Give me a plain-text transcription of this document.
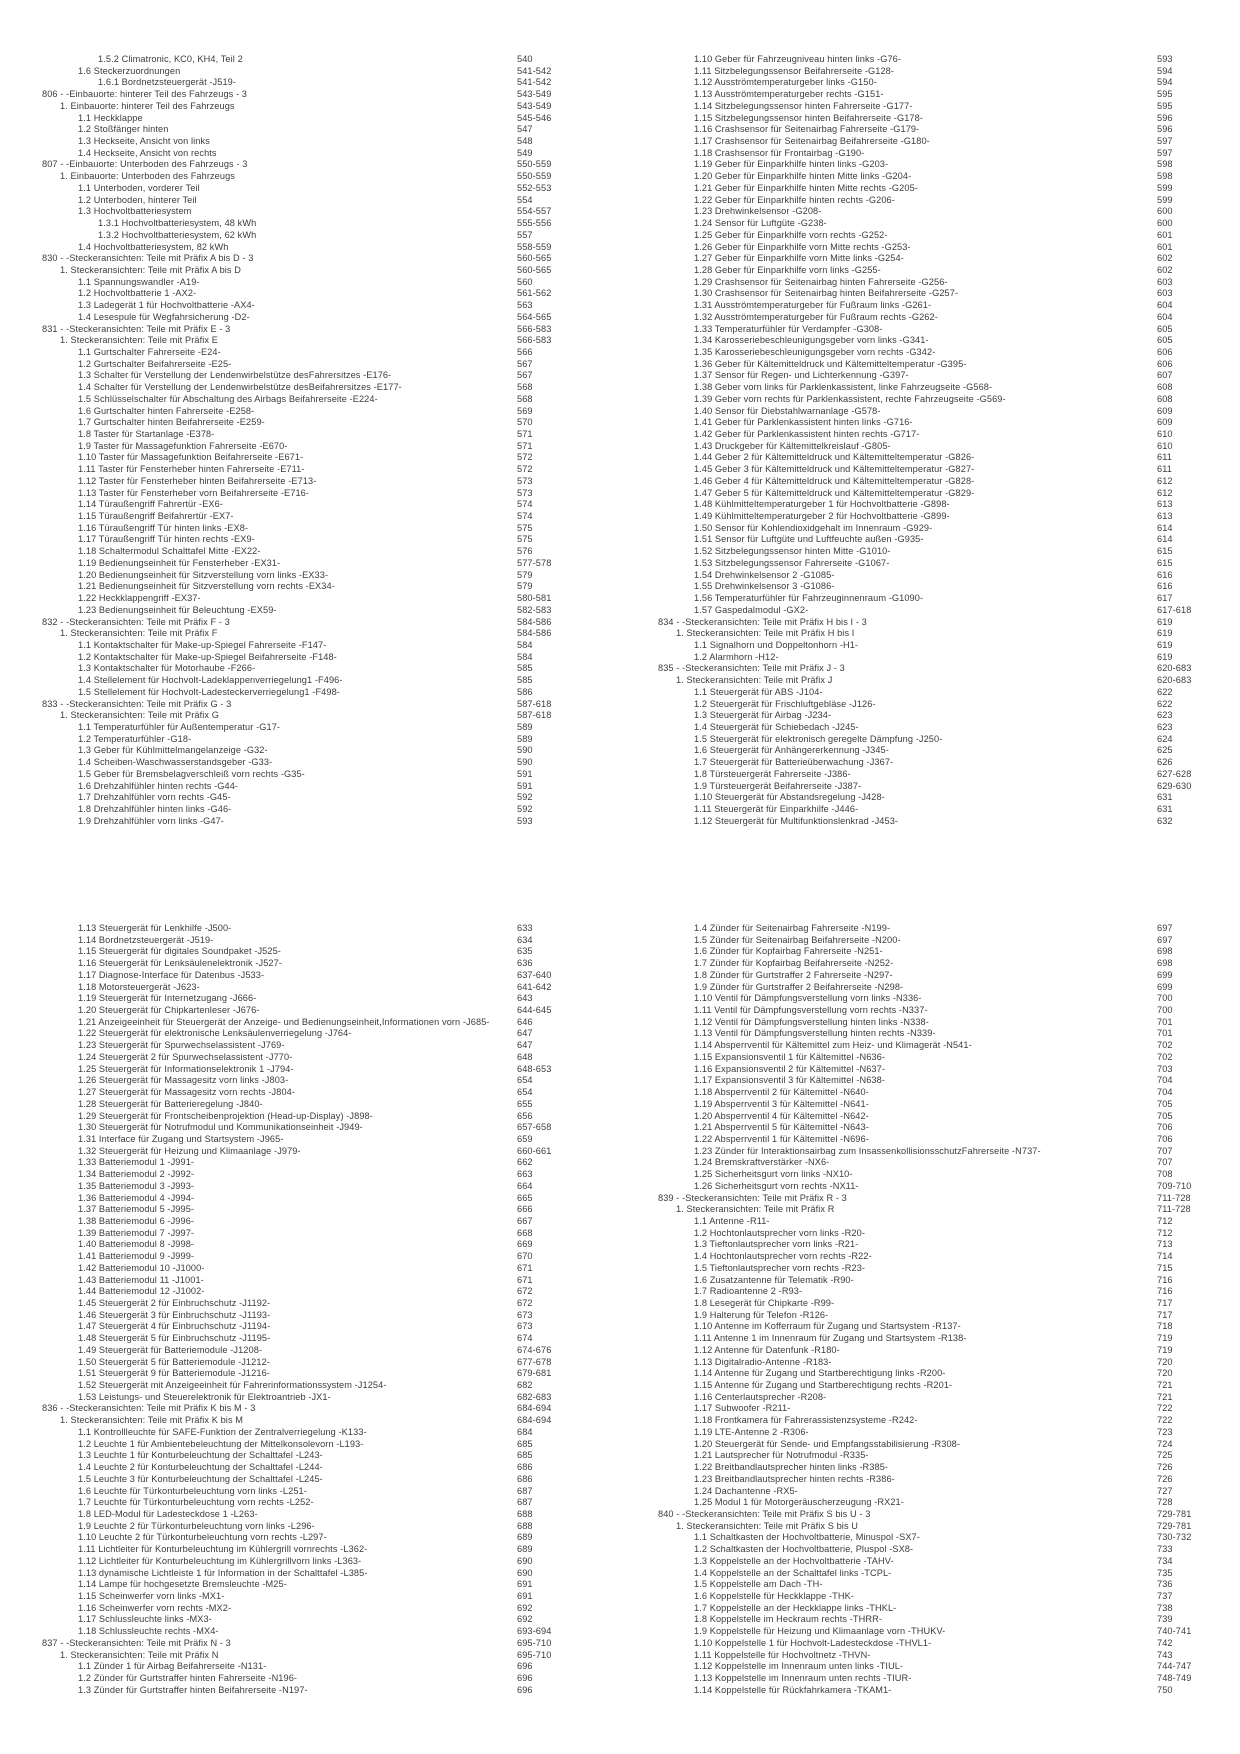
1.5.2 Climatronic, KC0, KH4, Teil 2	540
1.6 Steckerzuordnungen	541-542
1.6.1 Bordnetzsteuergerät -J519-	541-542
806 - -Einbauorte: hinterer Teil des Fahrzeugs - 3	543-549
1. Einbauorte: hinterer Teil des Fahrzeugs	543-549
1.1 Heckklappe	545-546
1.2 Stoßfänger hinten	547
1.3 Heckseite, Ansicht von links	548
1.4 Heckseite, Ansicht von rechts	549
807 - -Einbauorte: Unterboden des Fahrzeugs - 3	550-559
1. Einbauorte: Unterboden des Fahrzeugs	550-559
1.1 Unterboden, vorderer Teil	552-553
1.2 Unterboden, hinterer Teil	554
1.3 Hochvoltbatteriesystem	554-557
1.3.1 Hochvoltbatteriesystem, 48 kWh	555-556
1.3.2 Hochvoltbatteriesystem, 62 kWh	557
1.4 Hochvoltbatteriesystem, 82 kWh	558-559
830 - -Steckeransichten: Teile mit Präfix A bis D - 3	560-565
1. Steckeransichten: Teile mit Präfix A bis D	560-565
1.1 Spannungswandler -A19-	560
1.2 Hochvoltbatterie 1 -AX2-	561-562
1.3 Ladegerät 1 für Hochvoltbatterie -AX4-	563
1.4 Lesespule für Wegfahrsicherung -D2-	564-565
831 - -Steckeransichten: Teile mit Präfix E - 3	566-583
1. Steckeransichten: Teile mit Präfix E	566-583
1.1 Gurtschalter Fahrerseite -E24-	566
1.2 Gurtschalter Beifahrerseite -E25-	567
1.3 Schalter für Verstellung der Lendenwirbelstütze desFahrersitzes -E176-	567
1.4 Schalter für Verstellung der Lendenwirbelstütze desBeifahrersitzes -E177-	568
1.5 Schlüsselschalter für Abschaltung des Airbags Beifahrerseite -E224-	568
1.6 Gurtschalter hinten Fahrerseite -E258-	569
1.7 Gurtschalter hinten Beifahrerseite -E259-	570
1.8 Taster für Startanlage -E378-	571
1.9 Taster für Massagefunktion Fahrerseite -E670-	571
1.10 Taster für Massagefunktion Beifahrerseite -E671-	572
1.11 Taster für Fensterheber hinten Fahrerseite -E711-	572
1.12 Taster für Fensterheber hinten Beifahrerseite -E713-	573
1.13 Taster für Fensterheber vorn Beifahrerseite -E716-	573
1.14 Türaußengriff Fahrertür -EX6-	574
1.15 Türaußengriff Beifahrertür -EX7-	574
1.16 Türaußengriff Tür hinten links -EX8-	575
1.17 Türaußengriff Tür hinten rechts -EX9-	575
1.18 Schaltermodul Schalttafel Mitte -EX22-	576
1.19 Bedienungseinheit für Fensterheber -EX31-	577-578
1.20 Bedienungseinheit für Sitzverstellung vorn links -EX33-	579
1.21 Bedienungseinheit für Sitzverstellung vorn rechts -EX34-	579
1.22 Heckklappengriff -EX37-	580-581
1.23 Bedienungseinheit für Beleuchtung -EX59-	582-583
832 - -Steckeransichten: Teile mit Präfix F - 3	584-586
1. Steckeransichten: Teile mit Präfix F	584-586
1.1 Kontaktschalter für Make-up-Spiegel Fahrerseite -F147-	584
1.2 Kontaktschalter für Make-up-Spiegel Beifahrerseite -F148-	584
1.3 Kontaktschalter für Motorhaube -F266-	585
1.4 Stellelement für Hochvolt-Ladeklappenverriegelung1 -F496-	585
1.5 Stellelement für Hochvolt-Ladesteckerverriegelung1 -F498-	586
833 - -Steckeransichten: Teile mit Präfix G - 3	587-618
1. Steckeransichten: Teile mit Präfix G	587-618
1.1 Temperaturfühler für Außentemperatur -G17-	589
1.2 Temperaturfühler -G18-	589
1.3 Geber für Kühlmittelmangelanzeige -G32-	590
1.4 Scheiben-Waschwasserstandsgeber -G33-	590
1.5 Geber für Bremsbelagverschleiß vorn rechts -G35-	591
1.6 Drehzahlfühler hinten rechts -G44-	591
1.7 Drehzahlfühler vorn rechts -G45-	592
1.8 Drehzahlfühler hinten links -G46-	592
1.9 Drehzahlfühler vorn links -G47-	593
1.10 Geber für Fahrzeugniveau hinten links -G76-	593
1.11 Sitzbelegungssensor Beifahrerseite -G128-	594
1.12 Ausströmtemperaturgeber links -G150-	594
1.13 Ausströmtemperaturgeber rechts -G151-	595
1.14 Sitzbelegungssensor hinten Fahrerseite -G177-	595
1.15 Sitzbelegungssensor hinten Beifahrerseite -G178-	596
1.16 Crashsensor für Seitenairbag Fahrerseite -G179-	596
1.17 Crashsensor für Seitenairbag Beifahrerseite -G180-	597
1.18 Crashsensor für Frontairbag -G190-	597
1.19 Geber für Einparkhilfe hinten links -G203-	598
1.20 Geber für Einparkhilfe hinten Mitte links -G204-	598
1.21 Geber für Einparkhilfe hinten Mitte rechts -G205-	599
1.22 Geber für Einparkhilfe hinten rechts -G206-	599
1.23 Drehwinkelsensor -G208-	600
1.24 Sensor für Luftgüte -G238-	600
1.25 Geber für Einparkhilfe vorn rechts -G252-	601
1.26 Geber für Einparkhilfe vorn Mitte rechts -G253-	601
1.27 Geber für Einparkhilfe vorn Mitte links -G254-	602
1.28 Geber für Einparkhilfe vorn links -G255-	602
1.29 Crashsensor für Seitenairbag hinten Fahrerseite -G256-	603
1.30 Crashsensor für Seitenairbag hinten Beifahrerseite -G257-	603
1.31 Ausströmtemperaturgeber für Fußraum links -G261-	604
1.32 Ausströmtemperaturgeber für Fußraum rechts -G262-	604
1.33 Temperaturfühler für Verdampfer -G308-	605
1.34 Karosseriebeschleunigungsgeber vorn links -G341-	605
1.35 Karosseriebeschleunigungsgeber vorn rechts -G342-	606
1.36 Geber für Kältemitteldruck und Kältemitteltemperatur -G395-	606
1.37 Sensor für Regen- und Lichterkennung -G397-	607
1.38 Geber vorn links für Parklenkassistent, linke Fahrzeugseite -G568-	608
1.39 Geber vorn rechts für Parklenkassistent, rechte Fahrzeugseite -G569-	608
1.40 Sensor für Diebstahlwarnanlage -G578-	609
1.41 Geber für Parklenkassistent hinten links -G716-	609
1.42 Geber für Parklenkassistent hinten rechts -G717-	610
1.43 Druckgeber für Kältemittelkreislauf -G805-	610
1.44 Geber 2 für Kältemitteldruck und Kältemitteltemperatur -G826-	611
1.45 Geber 3 für Kältemitteldruck und Kältemitteltemperatur -G827-	611
1.46 Geber 4 für Kältemitteldruck und Kältemitteltemperatur -G828-	612
1.47 Geber 5 für Kältemitteldruck und Kältemitteltemperatur -G829-	612
1.48 Kühlmitteltemperaturgeber 1 für Hochvoltbatterie -G898-	613
1.49 Kühlmitteltemperaturgeber 2 für Hochvoltbatterie -G899-	613
1.50 Sensor für Kohlendioxidgehalt im Innenraum -G929-	614
1.51 Sensor für Luftgüte und Luftfeuchte außen -G935-	614
1.52 Sitzbelegungssensor hinten Mitte -G1010-	615
1.53 Sitzbelegungssensor Fahrerseite -G1067-	615
1.54 Drehwinkelsensor 2 -G1085-	616
1.55 Drehwinkelsensor 3 -G1086-	616
1.56 Temperaturfühler für Fahrzeuginnenraum -G1090-	617
1.57 Gaspedalmodul -GX2-	617-618
834 - -Steckeransichten: Teile mit Präfix H bis I - 3	619
1. Steckeransichten: Teile mit Präfix H bis I	619
1.1 Signalhorn und Doppeltonhorn -H1-	619
1.2 Alarmhorn -H12-	619
835 - -Steckeransichten: Teile mit Präfix J - 3	620-683
1. Steckeransichten: Teile mit Präfix J	620-683
1.1 Steuergerät für ABS -J104-	622
1.2 Steuergerät für Frischluftgebläse -J126-	622
1.3 Steuergerät für Airbag -J234-	623
1.4 Steuergerät für Schiebedach -J245-	623
1.5 Steuergerät für elektronisch geregelte Dämpfung -J250-	624
1.6 Steuergerät für Anhängererkennung -J345-	625
1.7 Steuergerät für Batterieüberwachung -J367-	626
1.8 Türsteuergerät Fahrerseite -J386-	627-628
1.9 Türsteuergerät Beifahrerseite -J387-	629-630
1.10 Steuergerät für Abstandsregelung -J428-	631
1.11 Steuergerät für Einparkhilfe -J446-	631
1.12 Steuergerät für Multifunktionslenkrad -J453-	632
1.13 Steuergerät für Lenkhilfe -J500-	633
1.14 Bordnetzsteuergerät -J519-	634
1.15 Steuergerät für digitales Soundpaket -J525-	635
1.16 Steuergerät für Lenksäulenelektronik -J527-	636
1.17 Diagnose-Interface für Datenbus -J533-	637-640
1.18 Motorsteuergerät -J623-	641-642
1.19 Steuergerät für Internetzugang -J666-	643
1.20 Steuergerät für Chipkartenleser -J676-	644-645
1.21 Anzeigeeinheit für Steuergerät der Anzeige- und Bedienungseinheit,Informationen vorn -J685-	646
1.22 Steuergerät für elektronische Lenksäulenverriegelung -J764-	647
1.23 Steuergerät für Spurwechselassistent -J769-	647
1.24 Steuergerät 2 für Spurwechselassistent -J770-	648
1.25 Steuergerät für Informationselektronik 1 -J794-	648-653
1.26 Steuergerät für Massagesitz vorn links -J803-	654
1.27 Steuergerät für Massagesitz vorn rechts -J804-	654
1.28 Steuergerät für Batterieregelung -J840-	655
1.29 Steuergerät für Frontscheibenprojektion (Head-up-Display) -J898-	656
1.30 Steuergerät für Notrufmodul und Kommunikationseinheit -J949-	657-658
1.31 Interface für Zugang und Startsystem -J965-	659
1.32 Steuergerät für Heizung und Klimaanlage -J979-	660-661
1.33 Batteriemodul 1 -J991-	662
1.34 Batteriemodul 2 -J992-	663
1.35 Batteriemodul 3 -J993-	664
1.36 Batteriemodul 4 -J994-	665
1.37 Batteriemodul 5 -J995-	666
1.38 Batteriemodul 6 -J996-	667
1.39 Batteriemodul 7 -J997-	668
1.40 Batteriemodul 8 -J998-	669
1.41 Batteriemodul 9 -J999-	670
1.42 Batteriemodul 10 -J1000-	671
1.43 Batteriemodul 11 -J1001-	671
1.44 Batteriemodul 12 -J1002-	672
1.45 Steuergerät 2 für Einbruchschutz -J1192-	672
1.46 Steuergerät 3 für Einbruchschutz -J1193-	673
1.47 Steuergerät 4 für Einbruchschutz -J1194-	673
1.48 Steuergerät 5 für Einbruchschutz -J1195-	674
1.49 Steuergerät für Batteriemodule -J1208-	674-676
1.50 Steuergerät 5 für Batteriemodule -J1212-	677-678
1.51 Steuergerät 9 für Batteriemodule -J1216-	679-681
1.52 Steuergerät mit Anzeigeeinheit für Fahrerinformationssystem -J1254-	682
1.53 Leistungs- und Steuerelektronik für Elektroantrieb -JX1-	682-683
836 - -Steckeransichten: Teile mit Präfix K bis M - 3	684-694
1. Steckeransichten: Teile mit Präfix K bis M	684-694
1.1 Kontrollleuchte für SAFE-Funktion der Zentralverriegelung -K133-	684
1.2 Leuchte 1 für Ambientebeleuchtung der Mittelkonsolevorn -L193-	685
1.3 Leuchte 1 für Konturbeleuchtung der Schalttafel -L243-	685
1.4 Leuchte 2 für Konturbeleuchtung der Schalttafel -L244-	686
1.5 Leuchte 3 für Konturbeleuchtung der Schalttafel -L245-	686
1.6 Leuchte für Türkonturbeleuchtung vorn links -L251-	687
1.7 Leuchte für Türkonturbeleuchtung vorn rechts -L252-	687
1.8 LED-Modul für Ladesteckdose 1 -L263-	688
1.9 Leuchte 2 für Türkonturbeleuchtung vorn links -L296-	688
1.10 Leuchte 2 für Türkonturbeleuchtung vorn rechts -L297-	689
1.11 Lichtleiter für Konturbeleuchtung im Kühlergrill vornrechts -L362-	689
1.12 Lichtleiter für Konturbeleuchtung im Kühlergrillvorn links -L363-	690
1.13 dynamische Lichtleiste 1 für Information in der Schalttafel -L385-	690
1.14 Lampe für hochgesetzte Bremsleuchte -M25-	691
1.15 Scheinwerfer vorn links -MX1-	691
1.16 Scheinwerfer vorn rechts -MX2-	692
1.17 Schlussleuchte links -MX3-	692
1.18 Schlussleuchte rechts -MX4-	693-694
837 - -Steckeransichten: Teile mit Präfix N - 3	695-710
1. Steckeransichten: Teile mit Präfix N	695-710
1.1 Zünder 1 für Airbag Beifahrerseite -N131-	696
1.2 Zünder für Gurtstraffer hinten Fahrerseite -N196-	696
1.3 Zünder für Gurtstraffer hinten Beifahrerseite -N197-	696
1.4 Zünder für Seitenairbag Fahrerseite -N199-	697
1.5 Zünder für Seitenairbag Beifahrerseite -N200-	697
1.6 Zünder für Kopfairbag Fahrerseite -N251-	698
1.7 Zünder für Kopfairbag Beifahrerseite -N252-	698
1.8 Zünder für Gurtstraffer 2 Fahrerseite -N297-	699
1.9 Zünder für Gurtstraffer 2 Beifahrerseite -N298-	699
1.10 Ventil für Dämpfungsverstellung vorn links -N336-	700
1.11 Ventil für Dämpfungsverstellung vorn rechts -N337-	700
1.12 Ventil für Dämpfungsverstellung hinten links -N338-	701
1.13 Ventil für Dämpfungsverstellung hinten rechts -N339-	701
1.14 Absperrventil für Kältemittel zum Heiz- und Klimagerät -N541-	702
1.15 Expansionsventil 1 für Kältemittel -N636-	702
1.16 Expansionsventil 2 für Kältemittel -N637-	703
1.17 Expansionsventil 3 für Kältemittel -N638-	704
1.18 Absperrventil 2 für Kältemittel -N640-	704
1.19 Absperrventil 3 für Kältemittel -N641-	705
1.20 Absperrventil 4 für Kältemittel -N642-	705
1.21 Absperrventil 5 für Kältemittel -N643-	706
1.22 Absperrventil 1 für Kältemittel -N696-	706
1.23 Zünder für Interaktionsairbag zum InsassenkollisionsschutzFahrerseite -N737-	707
1.24 Bremskraftverstärker -NX6-	707
1.25 Sicherheitsgurt vorn links -NX10-	708
1.26 Sicherheitsgurt vorn rechts -NX11-	709-710
839 - -Steckeransichten: Teile mit Präfix R - 3	711-728
1. Steckeransichten: Teile mit Präfix R	711-728
1.1 Antenne -R11-	712
1.2 Hochtonlautsprecher vorn links -R20-	712
1.3 Tieftonlautsprecher vorn links -R21-	713
1.4 Hochtonlautsprecher vorn rechts -R22-	714
1.5 Tieftonlautsprecher vorn rechts -R23-	715
1.6 Zusatzantenne für Telematik -R90-	716
1.7 Radioantenne 2 -R93-	716
1.8 Lesegerät für Chipkarte -R99-	717
1.9 Halterung für Telefon -R126-	717
1.10 Antenne im Kofferraum für Zugang und Startsystem -R137-	718
1.11 Antenne 1 im Innenraum für Zugang und Startsystem -R138-	719
1.12 Antenne für Datenfunk -R180-	719
1.13 Digitalradio-Antenne -R183-	720
1.14 Antenne für Zugang und Startberechtigung links -R200-	720
1.15 Antenne für Zugang und Startberechtigung rechts -R201-	721
1.16 Centerlautsprecher -R208-	721
1.17 Subwoofer -R211-	722
1.18 Frontkamera für Fahrerassistenzsysteme -R242-	722
1.19 LTE-Antenne 2 -R306-	723
1.20 Steuergerät für Sende- und Empfangsstabilisierung -R308-	724
1.21 Lautsprecher für Notrufmodul -R335-	725
1.22 Breitbandlautsprecher hinten links -R385-	726
1.23 Breitbandlautsprecher hinten rechts -R386-	726
1.24 Dachantenne -RX5-	727
1.25 Modul 1 für Motorgeräuscherzeugung -RX21-	728
840 - -Steckeransichten: Teile mit Präfix S bis U - 3	729-781
1. Steckeransichten: Teile mit Präfix S bis U	729-781
1.1 Schaltkasten der Hochvoltbatterie, Minuspol -SX7-	730-732
1.2 Schaltkasten der Hochvoltbatterie, Pluspol -SX8-	733
1.3 Koppelstelle an der Hochvoltbatterie -TAHV-	734
1.4 Koppelstelle an der Schalttafel links -TCPL-	735
1.5 Koppelstelle am Dach -TH-	736
1.6 Koppelstelle für Heckklappe -THK-	737
1.7 Koppelstelle an der Heckklappe links -THKL-	738
1.8 Koppelstelle im Heckraum rechts -THRR-	739
1.9 Koppelstelle für Heizung und Klimaanlage vorn -THUKV-	740-741
1.10 Koppelstelle 1 für Hochvolt-Ladesteckdose -THVL1-	742
1.11 Koppelstelle für Hochvoltnetz -THVN-	743
1.12 Koppelstelle im Innenraum unten links -TIUL-	744-747
1.13 Koppelstelle im Innenraum unten rechts -TIUR-	748-749
1.14 Koppelstelle für Rückfahrkamera -TKAM1-	750
